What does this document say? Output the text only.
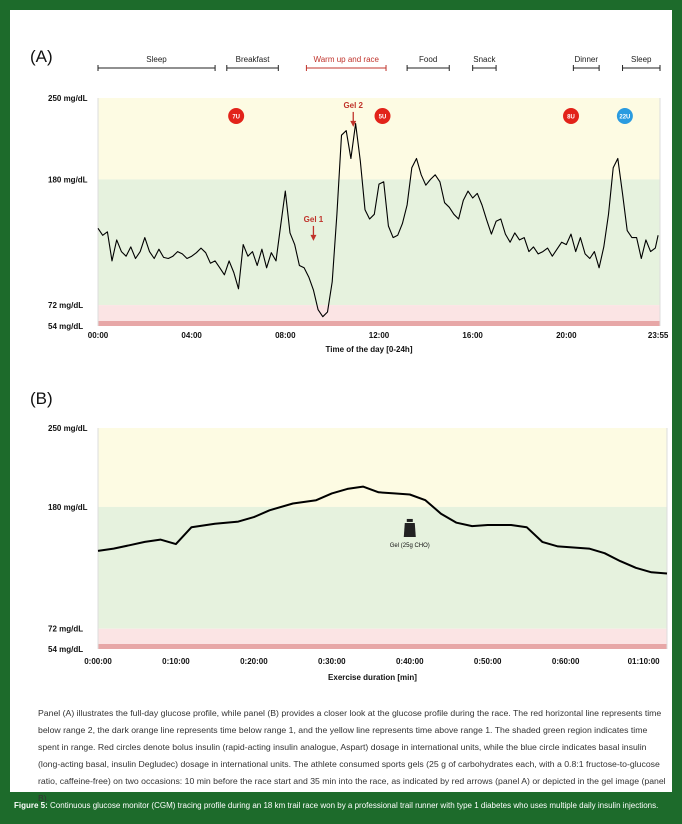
(A)
250 mg/dL
180 mg/dL
72 mg/dL
54 mg/dL
00:00	04:00	08:00	12:00	16:00	20:00	23:55
Time of the day [0-24h]
Sleep	Breakfast	Warm up and race	Food	Snack	Dinner	Sleep
7U	5U	8U	22U
Gel 1
Gel 2
(B)
250 mg/dL
180 mg/dL
72 mg/dL
54 mg/dL
0:00:00	0:10:00	0:20:00	0:30:00	0:40:00	0:50:00	0:60:00	01:10:00
Exercise duration [min]
Gel (25g CHO)

Panel (A) illustrates the full-day glucose profile, while panel (B) provides a closer look at the glucose profile during the race. The red horizontal line represents time below range 2, the dark orange line represents time below range 1, and the yellow line represents time above range 1. The shaded green region indicates time spent in range. Red circles denote bolus insulin (rapid-acting insulin analogue, Aspart) dosage in international units, while the blue circle indicates basal insulin (long-acting basal, insulin Degludec) dosage in international units. The athlete consumed sports gels (25 g of carbohydrates each, with a 0.8:1 fructose-to-glucose ratio, caffeine-free) on two occasions: 10 min before the race start and 35 min into the race, as indicated by red arrows (panel A) or depicted in the gel image (panel B).

Figure 5: Continuous glucose monitor (CGM) tracing profile during an 18 km trail race won by a professional trail runner with type 1 diabetes who uses multiple daily insulin injections.
